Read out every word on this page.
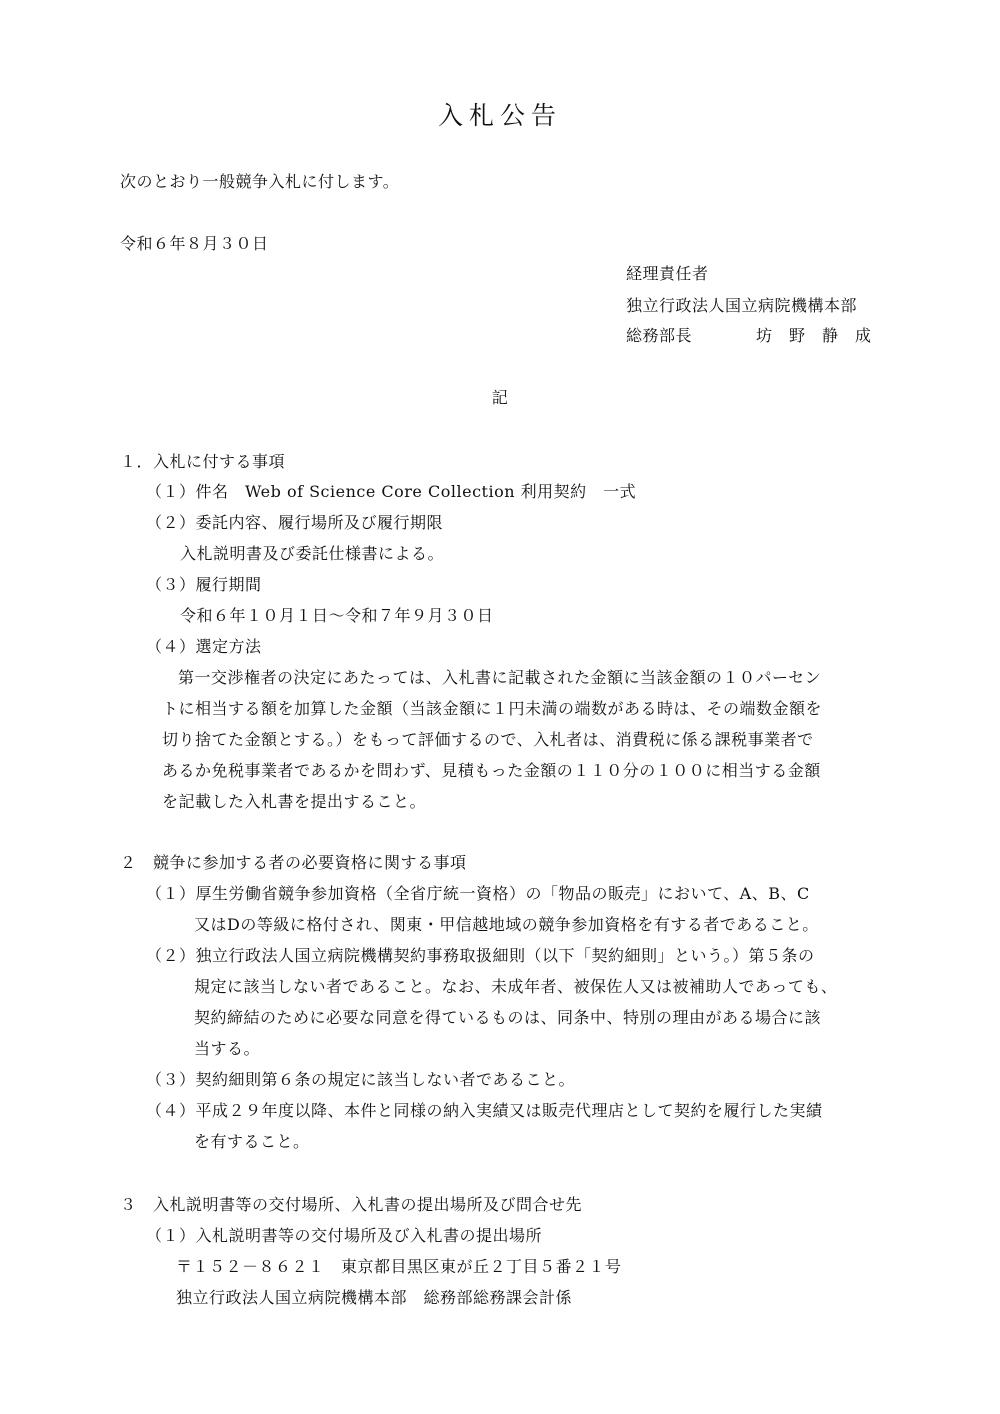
入札公告
次のとおり一般競争入札に付します。
令和６年８月３０日
経理責任者
独立行政法人国立病院機構本部
総務部長	坊　野　静　成
記
１．入札に付する事項
（１）件名　Web of Science Core Collection 利用契約　一式
（２）委託内容、履行場所及び履行期限
入札説明書及び委託仕様書による。
（３）履行期間
令和６年１０月１日～令和７年９月３０日
（４）選定方法
第一交渉権者の決定にあたっては、入札書に記載された金額に当該金額の１０パーセン
トに相当する額を加算した金額（当該金額に１円未満の端数がある時は、その端数金額を
切り捨てた金額とする。）をもって評価するので、入札者は、消費税に係る課税事業者で
あるか免税事業者であるかを問わず、見積もった金額の１１０分の１００に相当する金額
を記載した入札書を提出すること。
２　競争に参加する者の必要資格に関する事項
（１）厚生労働省競争参加資格（全省庁統一資格）の「物品の販売」において、A、B、C
又はDの等級に格付され、関東・甲信越地域の競争参加資格を有する者であること。
（２）独立行政法人国立病院機構契約事務取扱細則（以下「契約細則」という。）第５条の
規定に該当しない者であること。なお、未成年者、被保佐人又は被補助人であっても、
契約締結のために必要な同意を得ているものは、同条中、特別の理由がある場合に該
当する。
（３）契約細則第６条の規定に該当しない者であること。
（４）平成２９年度以降、本件と同様の納入実績又は販売代理店として契約を履行した実績
を有すること。
３　入札説明書等の交付場所、入札書の提出場所及び問合せ先
（１）入札説明書等の交付場所及び入札書の提出場所
〒１５２－８６２１　東京都目黒区東が丘２丁目５番２１号
独立行政法人国立病院機構本部　総務部総務課会計係
